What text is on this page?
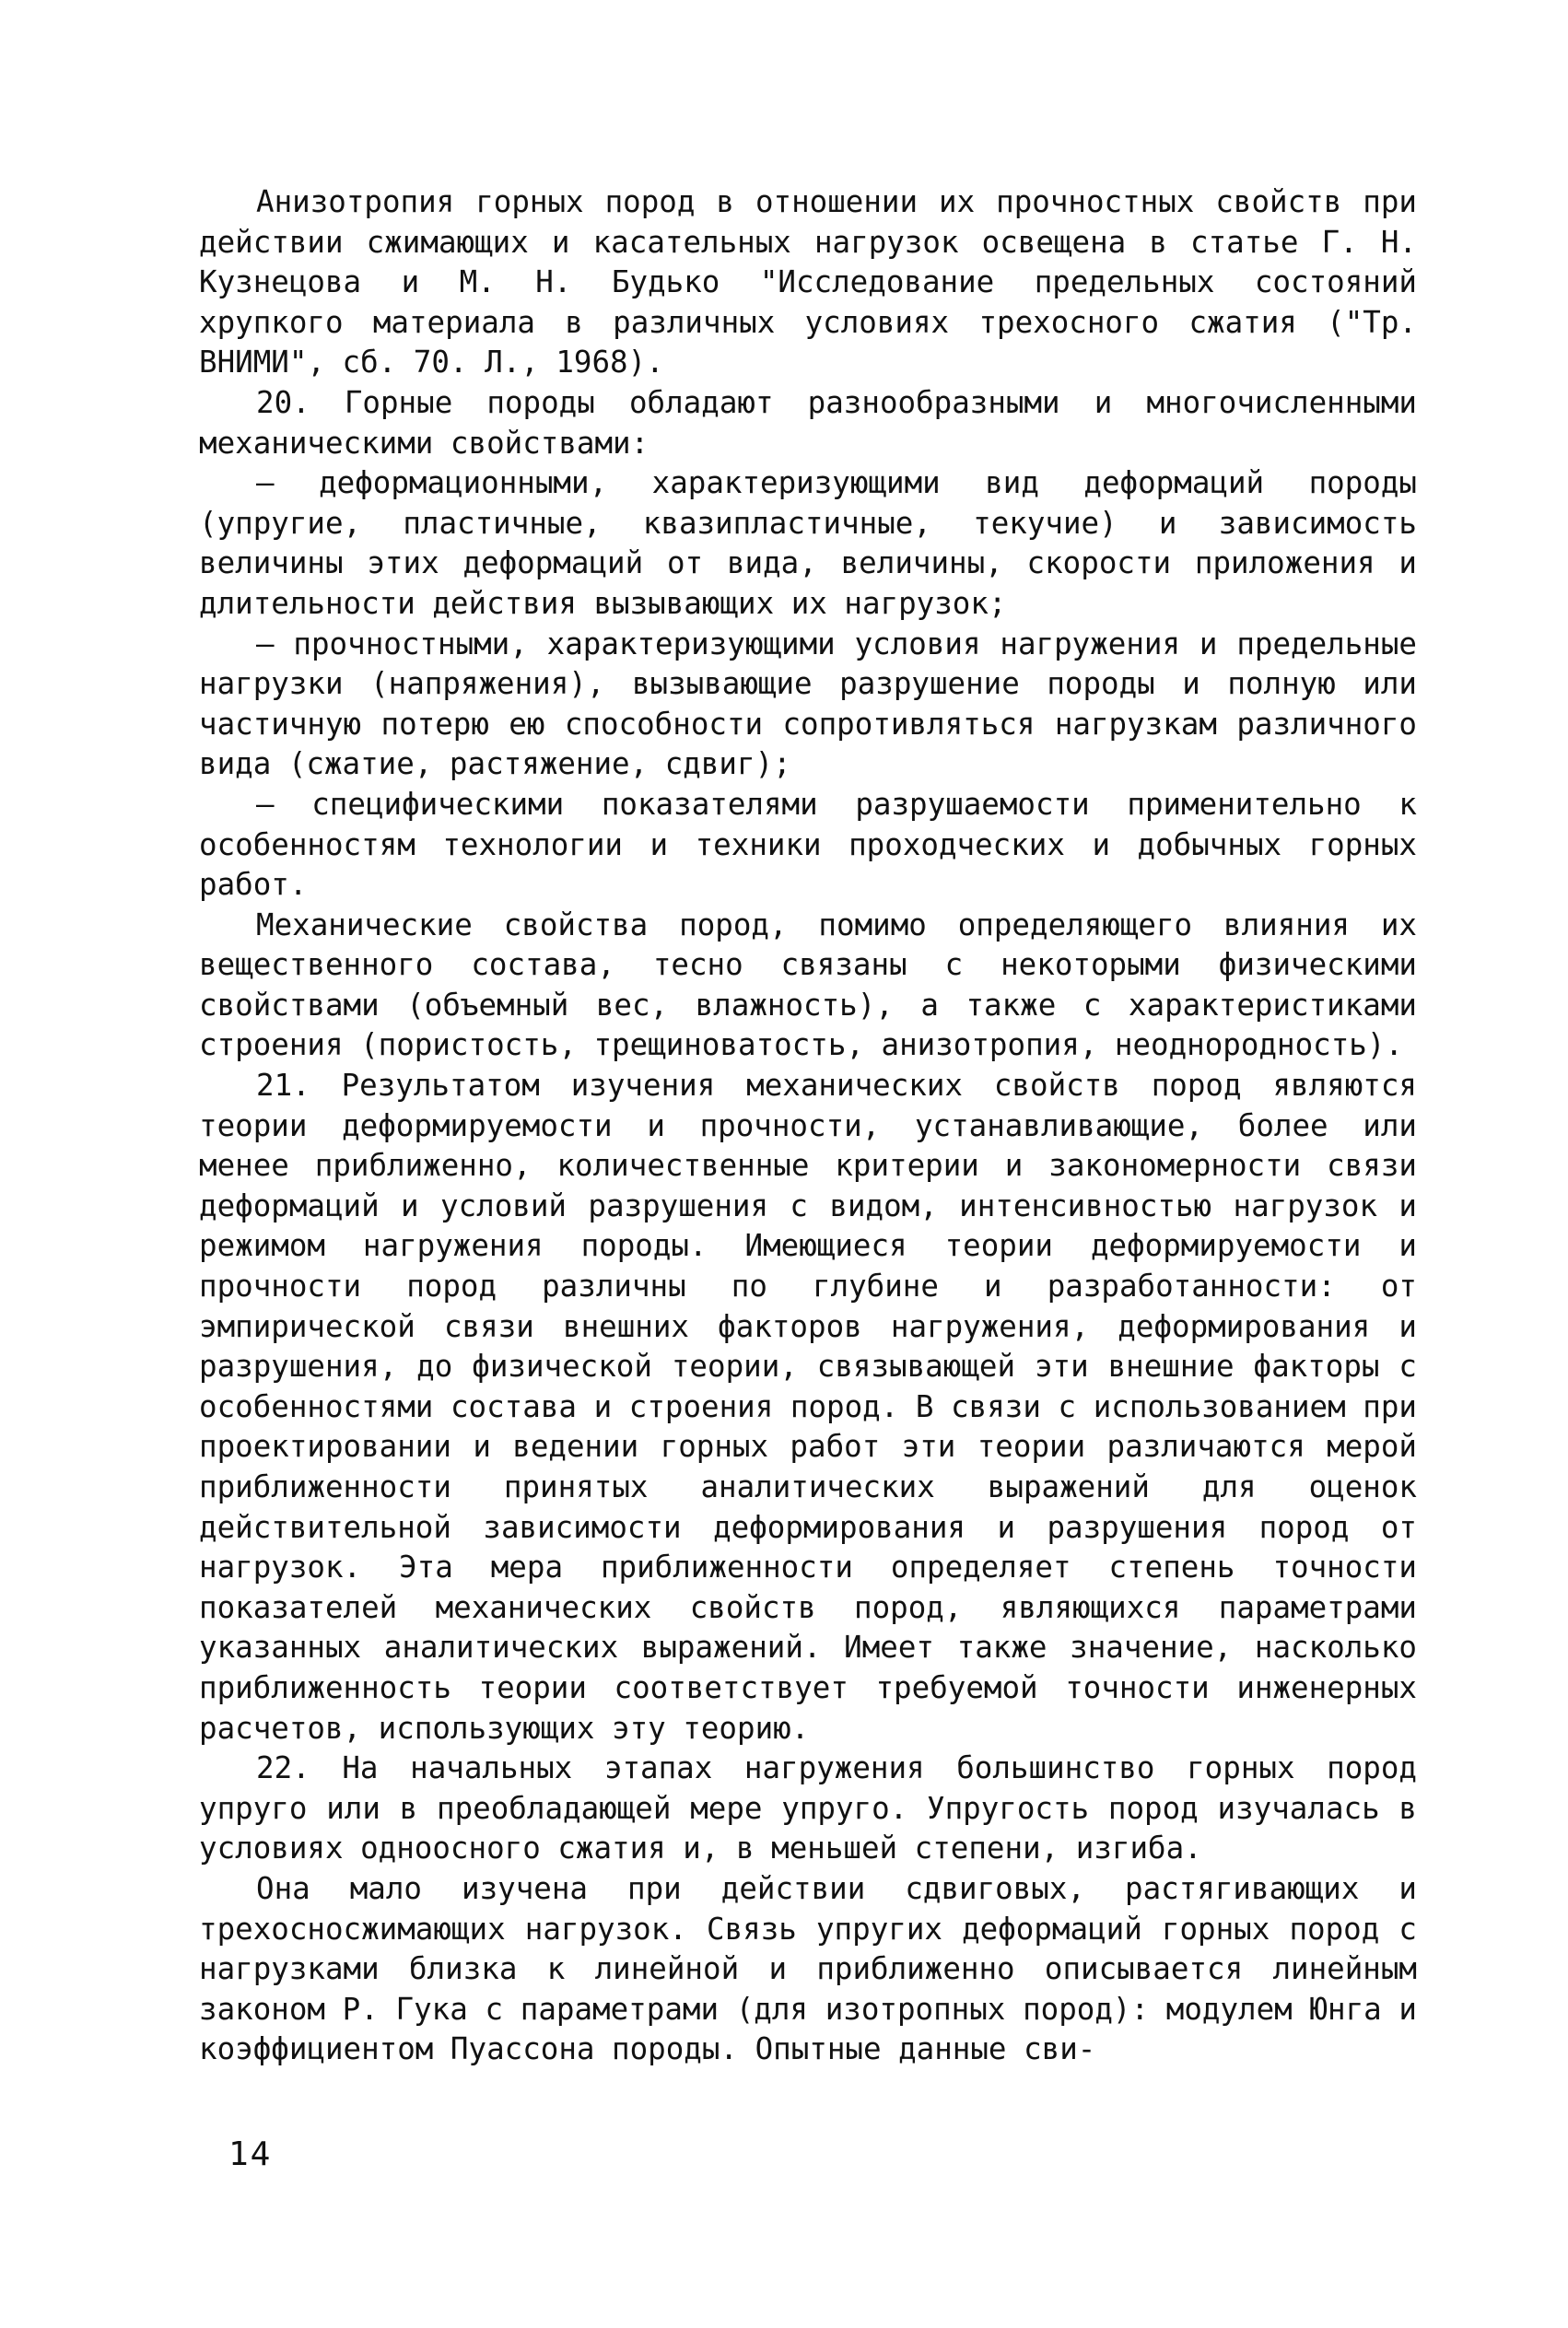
Анизотропия горных пород в отношении их прочностных свойств при действии сжимающих и касательных нагрузок освещена в статье Г. Н. Кузнецова и М. Н. Будько "Исследование предельных состояний хрупкого материала в различных условиях трехосного сжатия ("Тр. ВНИМИ", сб. 70. Л., 1968).

20. Горные породы обладают разнообразными и многочисленными механическими свойствами:

– деформационными, характеризующими вид деформаций породы (упругие, пластичные, квазипластичные, текучие) и зависимость величины этих деформаций от вида, величины, скорости приложения и длительности действия вызывающих их нагрузок;

– прочностными, характеризующими условия нагружения и предельные нагрузки (напряжения), вызывающие разрушение породы и полную или частичную потерю ею способности сопротивляться нагрузкам различного вида (сжатие, растяжение, сдвиг);

– специфическими показателями разрушаемости применительно к особенностям технологии и техники проходческих и добычных горных работ.

Механические свойства пород, помимо определяющего влияния их вещественного состава, тесно связаны с некоторыми физическими свойствами (объемный вес, влажность), а также с характеристиками строения (пористость, трещиноватость, анизотропия, неоднородность).

21. Результатом изучения механических свойств пород являются теории деформируемости и прочности, устанавливающие, более или менее приближенно, количественные критерии и закономерности связи деформаций и условий разрушения с видом, интенсивностью нагрузок и режимом нагружения породы. Имеющиеся теории деформируемости и прочности пород различны по глубине и разработанности: от эмпирической связи внешних факторов нагружения, деформирования и разрушения, до физической теории, связывающей эти внешние факторы с особенностями состава и строения пород. В связи с использованием при проектировании и ведении горных работ эти теории различаются мерой приближенности принятых аналитических выражений для оценок действительной зависимости деформирования и разрушения пород от нагрузок. Эта мера приближенности определяет степень точности показателей механических свойств пород, являющихся параметрами указанных аналитических выражений. Имеет также значение, насколько приближенность теории соответствует требуемой точности инженерных расчетов, использующих эту теорию.

22. На начальных этапах нагружения большинство горных пород упруго или в преобладающей мере упруго. Упругость пород изучалась в условиях одноосного сжатия и, в меньшей степени, изгиба.

Она мало изучена при действии сдвиговых, растягивающих и трехосносжимающих нагрузок. Связь упругих деформаций горных пород с нагрузками близка к линейной и приближенно описывается линейным законом Р. Гука с параметрами (для изотропных пород): модулем Юнга и коэффициентом Пуассона породы. Опытные данные сви-

14
